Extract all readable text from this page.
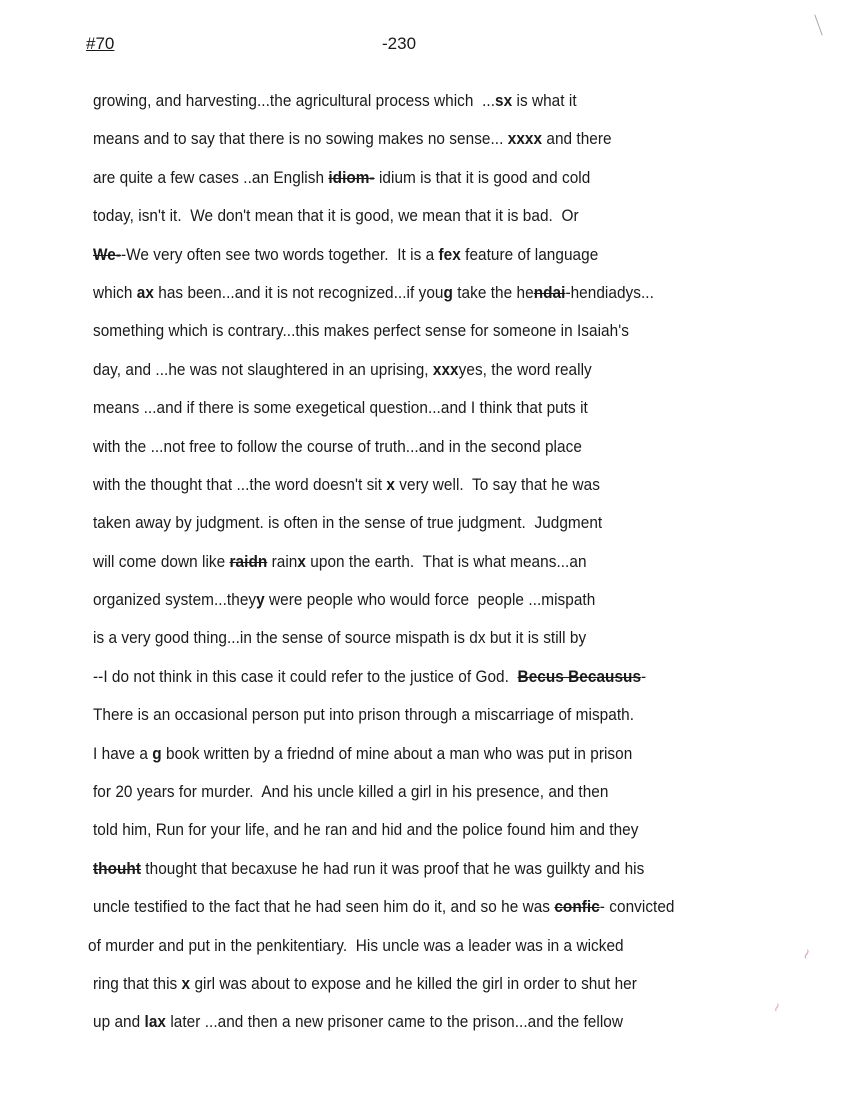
#70	-230
growing, and harvesting...the agricultural process which  ...sx is what it
means and to say that there is no sowing makes no sense... xxxx and there
are quite a few cases ..an English idiom- idium is that it is good and cold
today, isn't it.  We don't mean that it is good, we mean that it is bad.  Or
We--We very often see two words together.  It is a fex feature of language
which ax has been...and it is not recognized...if youg take the hendai-hendiadys...
something which is contrary...this makes perfect sense for someone in Isaiah's
day, and ...he was not slaughtered in an uprising, xxxyes, the word really
means ...and if there is some exegetical question...and I think that puts it
with the ...not free to follow the course of truth...and in the second place
with the thought that ...the word doesn't sit x very well.  To say that he was
taken away by judgment. is often in the sense of true judgment.  Judgment
will come down like raidn rainx upon the earth.  That is what means...an
organized system...theyy were people who would force  people ...mispath
is a very good thing...in the sense of source mispath is dx but it is still by
--I do not think in this case it could refer to the justice of God.  Becus Becausus-
There is an occasional person put into prison through a miscarriage of mispath.
I have a g book written by a friednd of mine about a man who was put in prison
for 20 years for murder.  And his uncle killed a girl in his presence, and then
told him, Run for your life, and he ran and hid and the police found him and they
thouht thought that becaxuse he had run it was proof that he was guilkty and his
uncle testified to the fact that he had seen him do it, and so he was confic- convicted
of murder and put in the penkitentiary.  His uncle was a leader was in a wicked
ring that this x girl was about to expose and he killed the girl in order to shut her
up and lax later ...and then a new prisoner came to the prison...and the fellow
~
~
